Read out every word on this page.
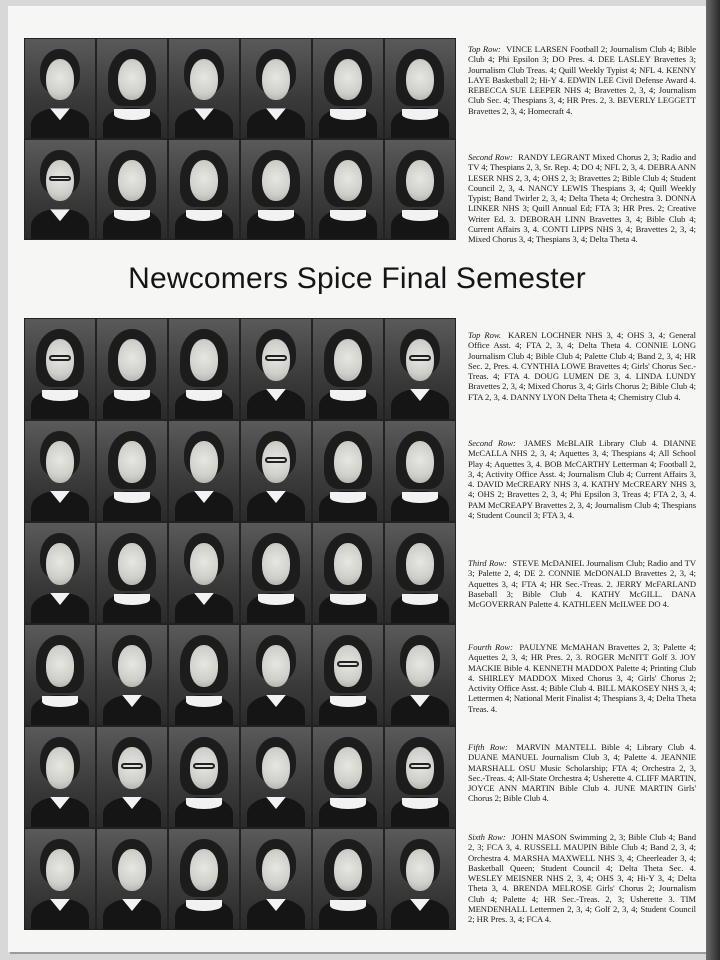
Top Row: VINCE LARSEN Football 2; Journalism Club 4; Bible Club 4; Phi Epsilon 3; DO Pres. 4. DEE LASLEY Bravettes 3; Journalism Club Treas. 4; Quill Weekly Typist 4; NFL 4. KENNY LAYE Basketball 2; Hi-Y 4. EDWIN LEE Civil Defense Award 4. REBECCA SUE LEEPER NHS 4; Bravettes 2, 3, 4; Journalism Club Sec. 4; Thespians 3, 4; HR Pres. 2, 3. BEVERLY LEGGETT Bravettes 2, 3, 4; Homecraft 4.
Second Row: RANDY LEGRANT Mixed Chorus 2, 3; Radio and TV 4; Thespians 2, 3, Sr. Rep. 4; DO 4; NFL 2, 3, 4. DEBRA ANN LESER NHS 2, 3, 4; OHS 2, 3; Bravettes 2; Bible Club 4; Student Council 2, 3, 4. NANCY LEWIS Thespians 3, 4; Quill Weekly Typist; Band Twirler 2, 3, 4; Delta Theta 4; Orchestra 3. DONNA LINKER NHS 3; Quill Annual Ed; FTA 3; HR Pres. 2; Creative Writer Ed. 3. DEBORAH LINN Bravettes 3, 4; Bible Club 4; Current Affairs 3, 4. CONTI LIPPS NHS 3, 4; Bravettes 2, 3, 4; Mixed Chorus 3, 4; Thespians 3, 4; Delta Theta 4.
Newcomers Spice Final Semester
Top Row. KAREN LOCHNER NHS 3, 4; OHS 3, 4; General Office Asst. 4; FTA 2, 3, 4; Delta Theta 4. CONNIE LONG Journalism Club 4; Bible Club 4; Palette Club 4; Band 2, 3, 4; HR Sec. 2, Pres. 4. CYNTHIA LOWE Bravettes 4; Girls' Chorus Sec.-Treas. 4; FTA 4. DOUG LUMEN DE 3, 4. LINDA LUNDY Bravettes 2, 3, 4; Mixed Chorus 3, 4; Girls Chorus 2; Bible Club 4; FTA 2, 3, 4. DANNY LYON Delta Theta 4; Chemistry Club 4.
Second Row: JAMES McBLAIR Library Club 4. DIANNE McCALLA NHS 2, 3, 4; Aquettes 3, 4; Thespians 4; All School Play 4; Aquettes 3, 4. BOB McCARTHY Letterman 4; Football 2, 3, 4; Activity Office Asst. 4; Journalism Club 4; Current Affairs 3, 4. DAVID McCREARY NHS 3, 4. KATHY McCREARY NHS 3, 4; OHS 2; Bravettes 2, 3, 4; Phi Epsilon 3, Treas 4; FTA 2, 3, 4. PAM McCREAPY Bravettes 2, 3, 4; Journalism Club 4; Thespians 4; Student Council 3; FTA 3, 4.
Third Row: STEVE McDANIEL Journalism Club; Radio and TV 3; Palette 2, 4; DE 2. CONNIE McDONALD Bravettes 2, 3, 4; Aquettes 3, 4; FTA 4; HR Sec.-Treas. 2. JERRY McFARLAND Baseball 3; Bible Club 4. KATHY McGILL. DANA McGOVERRAN Palette 4. KATHLEEN McILWEE DO 4.
Fourth Row: PAULYNE McMAHAN Bravettes 2, 3; Palette 4; Aquettes 2, 3, 4; HR Pres. 2, 3. ROGER McNITT Golf 3. JOY MACKIE Bible 4. KENNETH MADDOX Palette 4; Printing Club 4. SHIRLEY MADDOX Mixed Chorus 3, 4; Girls' Chorus 2; Activity Office Asst. 4; Bible Club 4. BILL MAKOSEY NHS 3, 4; Lettermen 4; National Merit Finalist 4; Thespians 3, 4; Delta Theta Treas. 4.
Fifth Row: MARVIN MANTELL Bible 4; Library Club 4. DUANE MANUEL Journalism Club 3, 4; Palette 4. JEANNIE MARSHALL OSU Music Scholarship; FTA 4; Orchestra 2, 3, Sec.-Treas. 4; All-State Orchestra 4; Usherette 4. CLIFF MARTIN, JOYCE ANN MARTIN Bible Club 4. JUNE MARTIN Girls' Chorus 2; Bible Club 4.
Sixth Row: JOHN MASON Swimming 2, 3; Bible Club 4; Band 2, 3; FCA 3, 4. RUSSELL MAUPIN Bible Club 4; Band 2, 3, 4; Orchestra 4. MARSHA MAXWELL NHS 3, 4; Cheerleader 3, 4; Basketball Queen; Student Council 4; Delta Theta Sec. 4. WESLEY MEISNER NHS 2, 3, 4; OHS 3, 4; Hi-Y 3, 4; Delta Theta 3, 4. BRENDA MELROSE Girls' Chorus 2; Journalism Club 4; Palette 4; HR Sec.-Treas. 2, 3; Usherette 3. TIM MENDENHALL Lettermen 2, 3, 4; Golf 2, 3, 4; Student Council 2; HR Pres. 3, 4; FCA 4.
